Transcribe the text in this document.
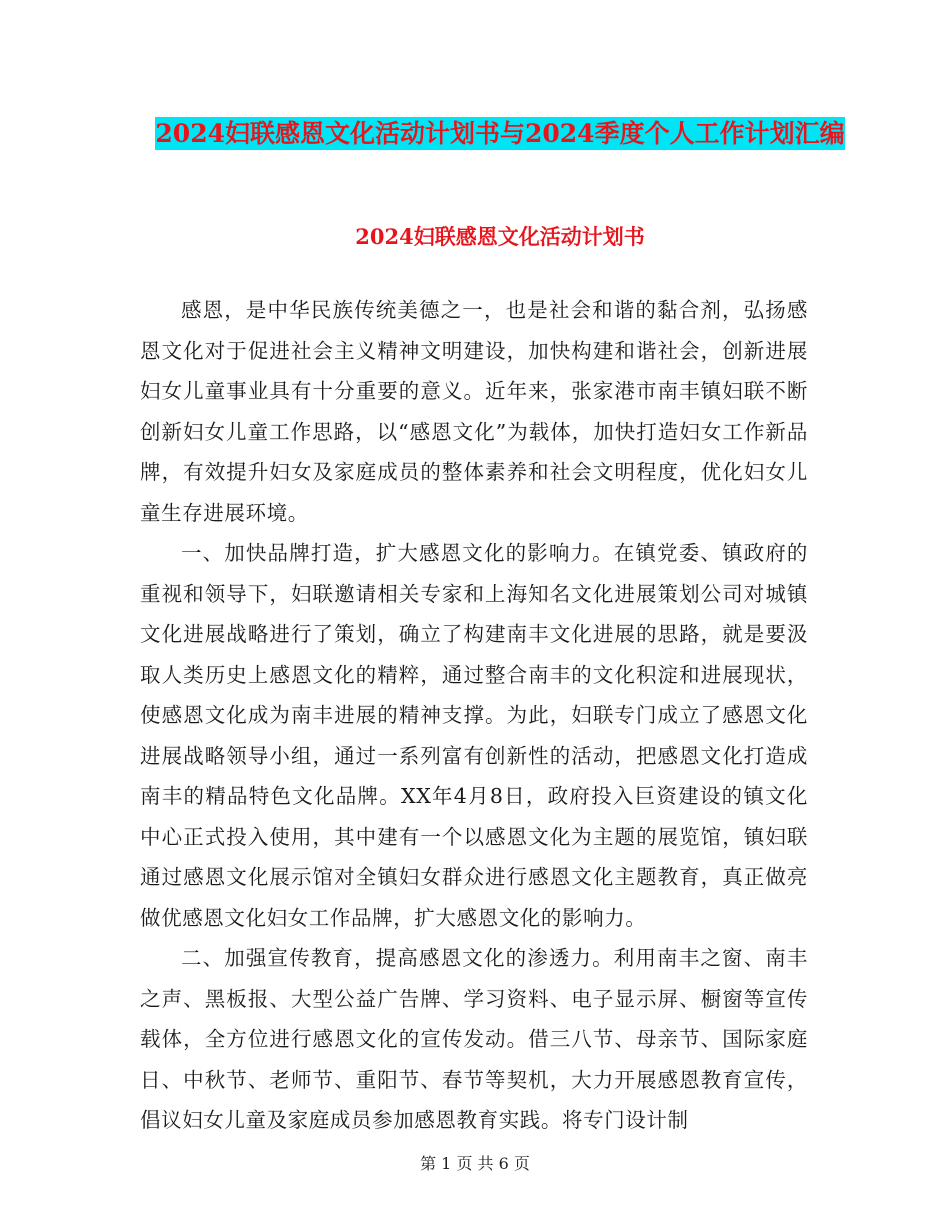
2024妇联感恩文化活动计划书与2024季度个人工作计划汇编
2024妇联感恩文化活动计划书

感恩，是中华民族传统美德之一，也是社会和谐的黏合剂，弘扬感恩文化对于促进社会主义精神文明建设，加快构建和谐社会，创新进展妇女儿童事业具有十分重要的意义。近年来，张家港市南丰镇妇联不断创新妇女儿童工作思路，以“感恩文化”为载体，加快打造妇女工作新品牌，有效提升妇女及家庭成员的整体素养和社会文明程度，优化妇女儿童生存进展环境。

一、加快品牌打造，扩大感恩文化的影响力。在镇党委、镇政府的重视和领导下，妇联邀请相关专家和上海知名文化进展策划公司对城镇文化进展战略进行了策划，确立了构建南丰文化进展的思路，就是要汲取人类历史上感恩文化的精粹，通过整合南丰的文化积淀和进展现状，使感恩文化成为南丰进展的精神支撑。为此，妇联专门成立了感恩文化进展战略领导小组，通过一系列富有创新性的活动，把感恩文化打造成南丰的精品特色文化品牌。XX年4月8日，政府投入巨资建设的镇文化中心正式投入使用，其中建有一个以感恩文化为主题的展览馆，镇妇联通过感恩文化展示馆对全镇妇女群众进行感恩文化主题教育，真正做亮做优感恩文化妇女工作品牌，扩大感恩文化的影响力。

二、加强宣传教育，提高感恩文化的渗透力。利用南丰之窗、南丰之声、黑板报、大型公益广告牌、学习资料、电子显示屏、橱窗等宣传载体，全方位进行感恩文化的宣传发动。借三八节、母亲节、国际家庭日、中秋节、老师节、重阳节、春节等契机，大力开展感恩教育宣传，倡议妇女儿童及家庭成员参加感恩教育实践。将专门设计制

第 1 页 共 6 页
